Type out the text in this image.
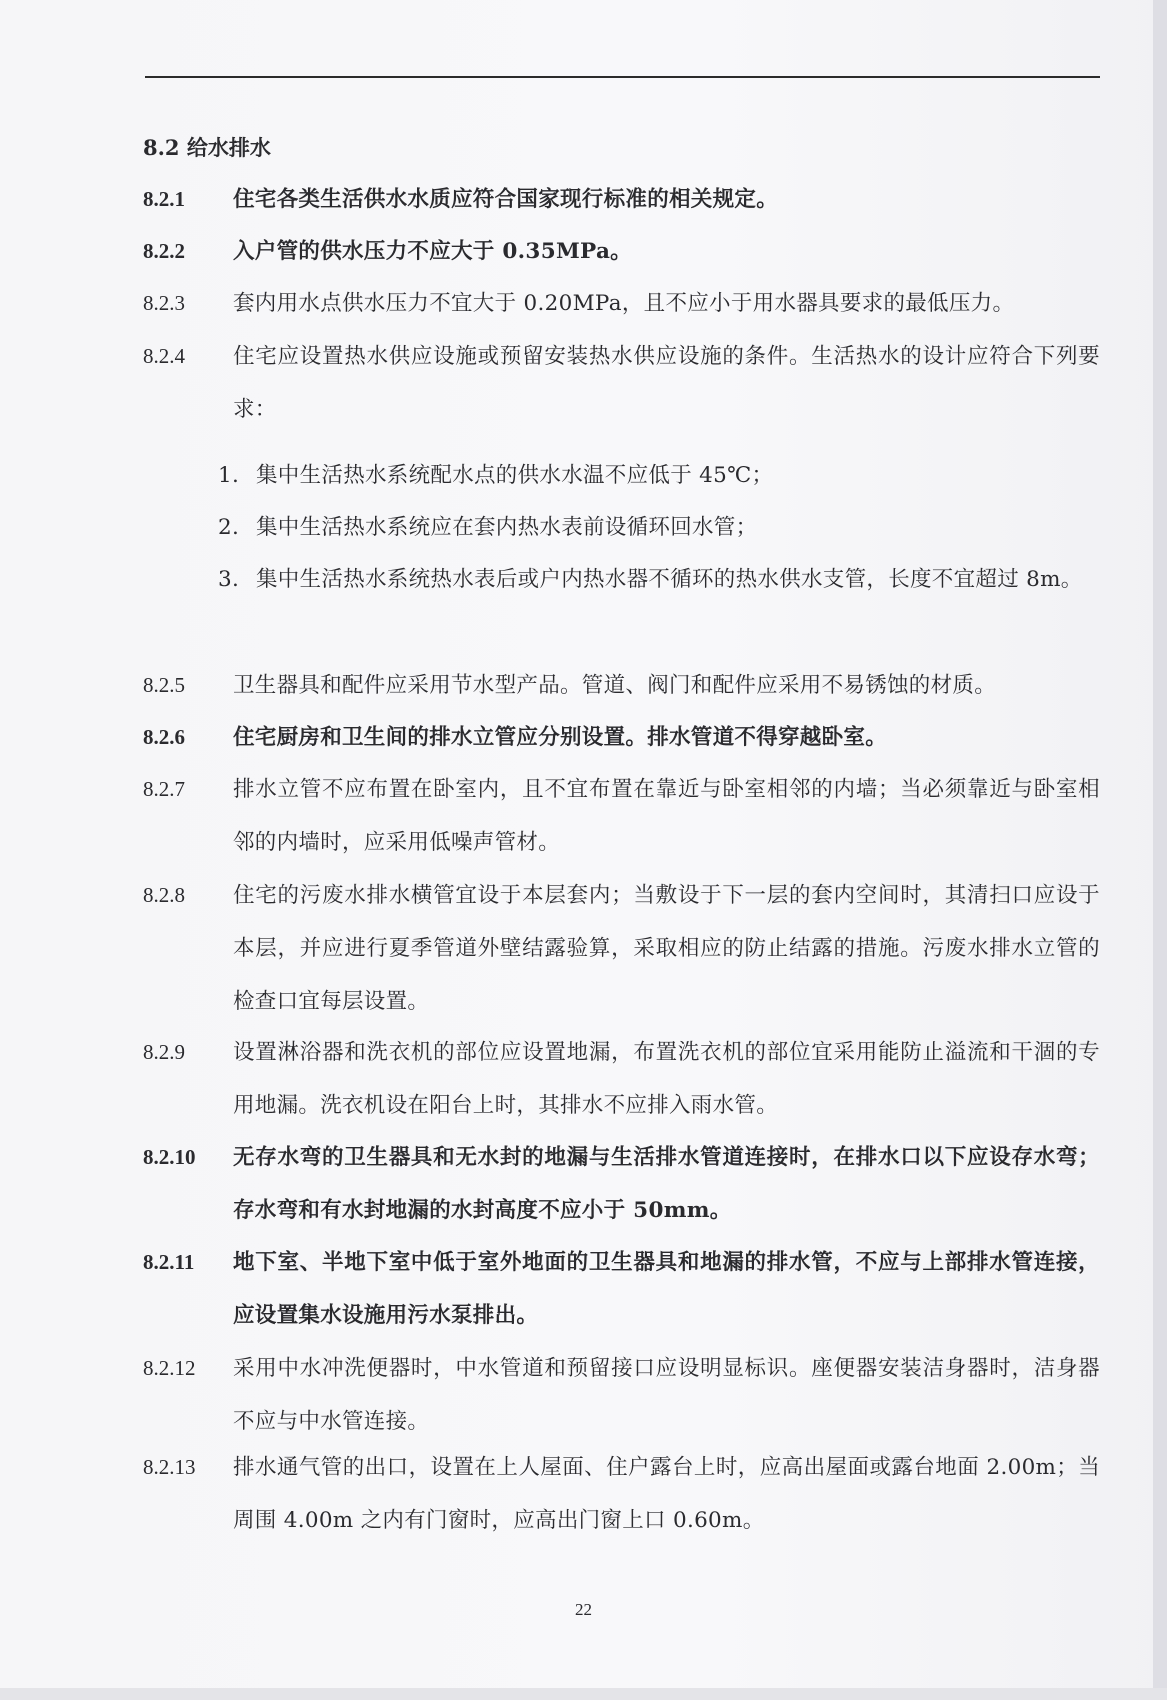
8.2 给水排水
8.2.1 住宅各类生活供水水质应符合国家现行标准的相关规定。
8.2.2 入户管的供水压力不应大于 0.35MPa。
8.2.3 套内用水点供水压力不宜大于 0.20MPa，且不应小于用水器具要求的最低压力。
8.2.4 住宅应设置热水供应设施或预留安装热水供应设施的条件。生活热水的设计应符合下列要求：
1. 集中生活热水系统配水点的供水水温不应低于 45℃；
2. 集中生活热水系统应在套内热水表前设循环回水管；
3. 集中生活热水系统热水表后或户内热水器不循环的热水供水支管，长度不宜超过 8m。
8.2.5 卫生器具和配件应采用节水型产品。管道、阀门和配件应采用不易锈蚀的材质。
8.2.6 住宅厨房和卫生间的排水立管应分别设置。排水管道不得穿越卧室。
8.2.7 排水立管不应布置在卧室内，且不宜布置在靠近与卧室相邻的内墙；当必须靠近与卧室相邻的内墙时，应采用低噪声管材。
8.2.8 住宅的污废水排水横管宜设于本层套内；当敷设于下一层的套内空间时，其清扫口应设于本层，并应进行夏季管道外壁结露验算，采取相应的防止结露的措施。污废水排水立管的检查口宜每层设置。
8.2.9 设置淋浴器和洗衣机的部位应设置地漏，布置洗衣机的部位宜采用能防止溢流和干涸的专用地漏。洗衣机设在阳台上时，其排水不应排入雨水管。
8.2.10 无存水弯的卫生器具和无水封的地漏与生活排水管道连接时，在排水口以下应设存水弯；存水弯和有水封地漏的水封高度不应小于 50mm。
8.2.11 地下室、半地下室中低于室外地面的卫生器具和地漏的排水管，不应与上部排水管连接，应设置集水设施用污水泵排出。
8.2.12 采用中水冲洗便器时，中水管道和预留接口应设明显标识。座便器安装洁身器时，洁身器不应与中水管连接。
8.2.13 排水通气管的出口，设置在上人屋面、住户露台上时，应高出屋面或露台地面 2.00m；当周围 4.00m 之内有门窗时，应高出门窗上口 0.60m。
22
